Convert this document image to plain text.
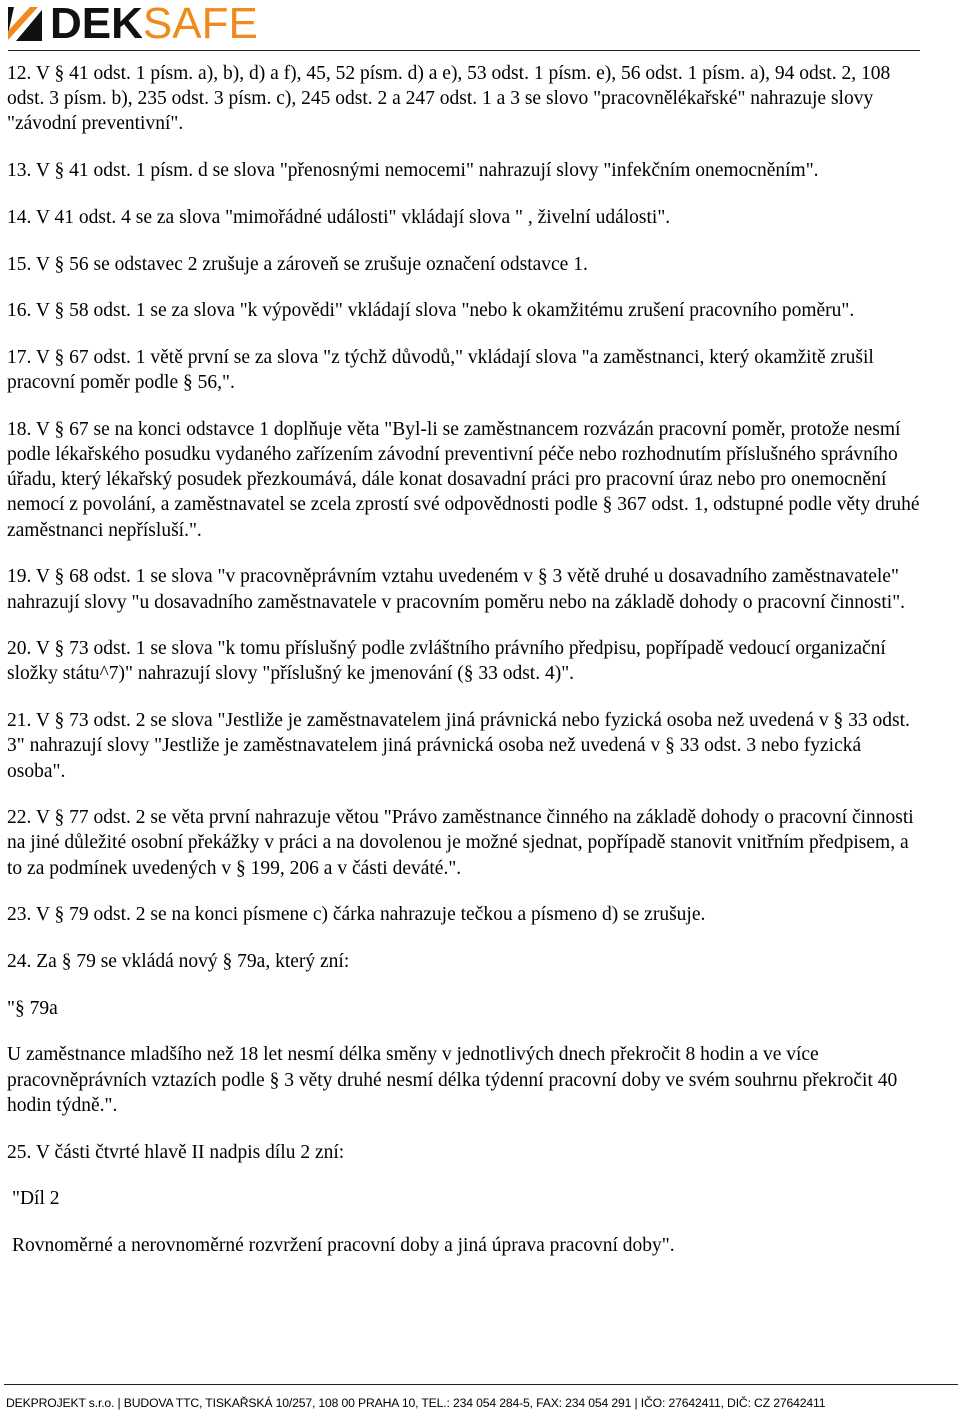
DEKSAFE

12. V § 41 odst. 1 písm. a), b), d) a f), 45, 52 písm. d) a e), 53 odst. 1 písm. e), 56 odst. 1 písm. a), 94 odst. 2, 108 odst. 3 písm. b), 235 odst. 3 písm. c), 245 odst. 2 a 247 odst. 1 a 3 se slovo "pracovnělékařské" nahrazuje slovy "závodní preventivní".

13. V § 41 odst. 1 písm. d se slova "přenosnými nemocemi" nahrazují slovy "infekčním onemocněním".

14. V 41 odst. 4 se za slova "mimořádné události" vkládají slova " , živelní události".

15. V § 56 se odstavec 2 zrušuje a zároveň se zrušuje označení odstavce 1.

16. V § 58 odst. 1 se za slova "k výpovědi" vkládají slova "nebo k okamžitému zrušení pracovního poměru".

17. V § 67 odst. 1 větě první se za slova "z týchž důvodů," vkládají slova "a zaměstnanci, který okamžitě zrušil pracovní poměr podle § 56,".

18. V § 67 se na konci odstavce 1 doplňuje věta "Byl-li se zaměstnancem rozvázán pracovní poměr, protože nesmí podle lékařského posudku vydaného zařízením závodní preventivní péče nebo rozhodnutím příslušného správního úřadu, který lékařský posudek přezkoumává, dále konat dosavadní práci pro pracovní úraz nebo pro onemocnění nemocí z povolání, a zaměstnavatel se zcela zprostí své odpovědnosti podle § 367 odst. 1, odstupné podle věty druhé zaměstnanci nepřísluší.".

19. V § 68 odst. 1 se slova "v pracovněprávním vztahu uvedeném v § 3 větě druhé u dosavadního zaměstnavatele" nahrazují slovy "u dosavadního zaměstnavatele v pracovním poměru nebo na základě dohody o pracovní činnosti".

20. V § 73 odst. 1 se slova "k tomu příslušný podle zvláštního právního předpisu, popřípadě vedoucí organizační složky státu^7)" nahrazují slovy "příslušný ke jmenování (§ 33 odst. 4)".

21. V § 73 odst. 2 se slova "Jestliže je zaměstnavatelem jiná právnická nebo fyzická osoba než uvedená v § 33 odst. 3" nahrazují slovy "Jestliže je zaměstnavatelem jiná právnická osoba než uvedená v § 33 odst. 3 nebo fyzická osoba".

22. V § 77 odst. 2 se věta první nahrazuje větou "Právo zaměstnance činného na základě dohody o pracovní činnosti na jiné důležité osobní překážky v práci a na dovolenou je možné sjednat, popřípadě stanovit vnitřním předpisem, a to za podmínek uvedených v § 199, 206 a v části deváté.".

23. V § 79 odst. 2 se na konci písmene c) čárka nahrazuje tečkou a písmeno d) se zrušuje.

24. Za § 79 se vkládá nový § 79a, který zní:

"§ 79a

U zaměstnance mladšího než 18 let nesmí délka směny v jednotlivých dnech překročit 8 hodin a ve více pracovněprávních vztazích podle § 3 věty druhé nesmí délka týdenní pracovní doby ve svém souhrnu překročit 40 hodin týdně.".

25. V části čtvrté hlavě II nadpis dílu 2 zní:

"Díl 2

Rovnoměrné a nerovnoměrné rozvržení pracovní doby a jiná úprava pracovní doby".

DEKPROJEKT s.r.o. | BUDOVA TTC, TISKAŘSKÁ 10/257, 108 00 PRAHA 10, TEL.: 234 054 284-5, FAX: 234 054 291 | IČO: 27642411, DIČ: CZ 27642411
